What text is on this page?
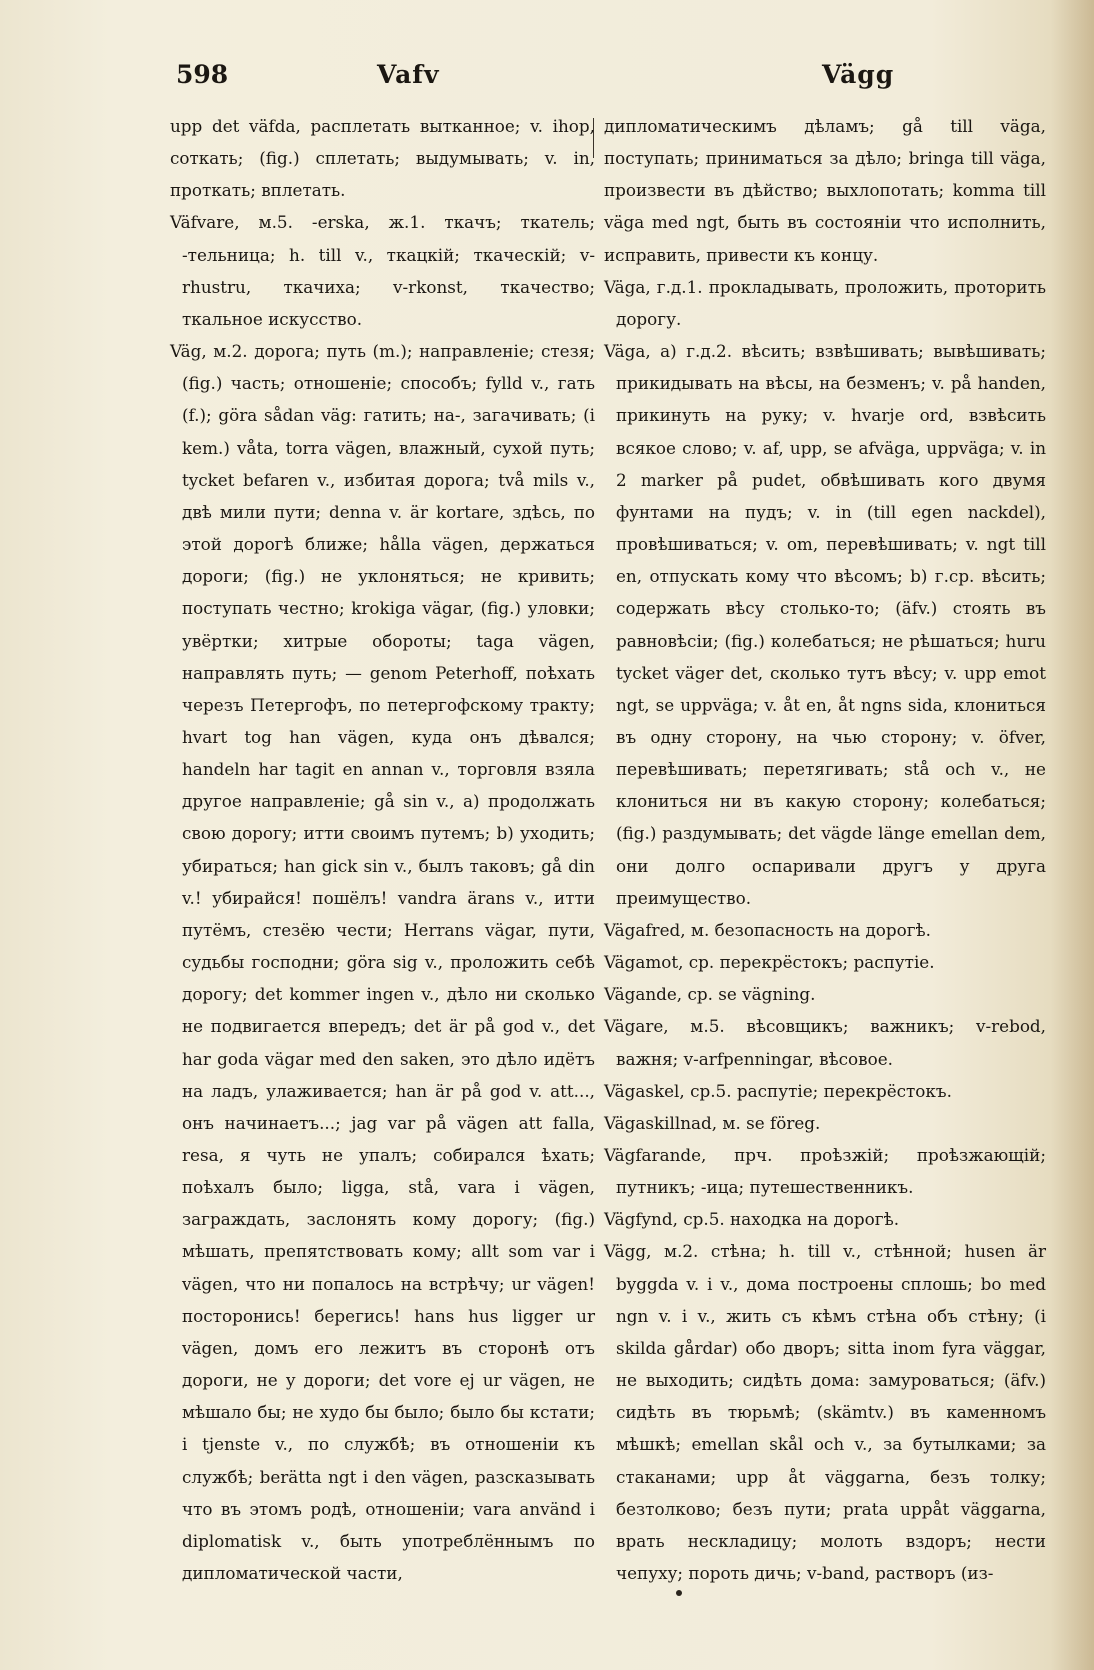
598	Vafv	Vägg

upp det väfda, расплетать вытканное; v. ihop, соткать; (fig.) сплетать; выдумывать; v. in, проткать; вплетать.

Väfvare, м.5. -erska, ж.1. ткачъ; ткатель; -тельница; h. till v., ткацкій; ткаческій; v-rhustru, ткачиха; v-rkonst, ткачество; ткальное искусство.

Väg, м.2. дорога; путь (m.); направленіе; стезя; (fig.) часть; отношеніе; способъ; fylld v., гать (f.); göra sådan väg: гатить; на-, загачивать; (i kem.) våta, torra vägen, влажный, сухой путь; tycket befaren v., избитая дорога; två mils v., двѣ мили пути; denna v. är kortare, здѣсь, по этой дорогѣ ближе; hålla vägen, держаться дороги; (fig.) не уклоняться; не кривить; поступать честно; krokiga vägar, (fig.) уловки; увёртки; хитрые обороты; taga vägen, направлять путь; — genom Peterhoff, поѣхать черезъ Петергофъ, по петергофскому тракту; hvart tog han vägen, куда онъ дѣвался; handeln har tagit en annan v., торговля взяла другое направленіе; gå sin v., a) продолжать свою дорогу; итти своимъ путемъ; b) уходить; убираться; han gick sin v., былъ таковъ; gå din v.! убирайся! пошёлъ! vandra ärans v., итти путёмъ, стезёю чести; Herrans vägar, пути, судьбы господни; göra sig v., проложить себѣ дорогу; det kommer ingen v., дѣло ни сколько не подвигается впередъ; det är på god v., det har goda vägar med den saken, это дѣло идётъ на ладъ, улаживается; han är på god v. att..., онъ начинаетъ...; jag var på vägen att falla, resa, я чуть не упалъ; собирался ѣхать; поѣхалъ было; ligga, stå, vara i vägen, заграждать, заслонять кому дорогу; (fig.) мѣшать, препятствовать кому; allt som var i vägen, что ни попалось на встрѣчу; ur vägen! посторонись! берегись! hans hus ligger ur vägen, домъ его лежитъ въ сторонѣ отъ дороги, не у дороги; det vore ej ur vägen, не мѣшало бы; не худо бы было; было бы кстати; i tjenste v., по службѣ; въ отношеніи къ службѣ; berätta ngt i den vägen, разсказывать что въ этомъ родѣ, отношеніи; vara använd i diplomatisk v., быть употреблённымъ по дипломатической части,

дипломатическимъ дѣламъ; gå till väga, поступать; приниматься за дѣло; bringa till väga, произвести въ дѣйство; выхлопотать; komma till väga med ngt, быть въ состояніи что исполнить, исправить, привести къ концу.

Väga, г.д.1. прокладывать, проложить, проторить дорогу.

Väga, a) г.д.2. вѣсить; взвѣшивать; вывѣшивать; прикидывать на вѣсы, на безменъ; v. på handen, прикинуть на руку; v. hvarje ord, взвѣсить всякое слово; v. af, upp, se afväga, uppväga; v. in 2 marker på pudet, обвѣшивать кого двумя фунтами на пудъ; v. in (till egen nackdel), провѣшиваться; v. om, перевѣшивать; v. ngt till en, отпускать кому что вѣсомъ; b) г.ср. вѣсить; содержать вѣсу столько-то; (äfv.) стоять въ равновѣсіи; (fig.) колебаться; не рѣшаться; huru tycket väger det, сколько тутъ вѣсу; v. upp emot ngt, se uppväga; v. åt en, åt ngns sida, клониться въ одну сторону, на чью сторону; v. öfver, перевѣшивать; перетягивать; stå och v., не клониться ни въ какую сторону; колебаться; (fig.) раздумывать; det vägde länge emellan dem, они долго оспаривали другъ у друга преимущество.

Vägafred, м. безопасность на дорогѣ.

Vägamot, ср. перекрёстокъ; распутіе.

Vägande, ср. se vägning.

Vägare, м.5. вѣсовщикъ; важникъ; v-rebod, важня; v-arfpenningar, вѣсовое.

Vägaskel, ср.5. распутіе; перекрёстокъ.

Vägaskillnad, м. se föreg.

Vägfarande, прч. проѣзжій; проѣзжающій; путникъ; -ица; путешественникъ.

Vägfynd, ср.5. находка на дорогѣ.

Vägg, м.2. стѣна; h. till v., стѣнной; husen är byggda v. i v., дома построены сплошь; bo med ngn v. i v., жить съ кѣмъ стѣна объ стѣну; (i skilda gårdar) обо дворъ; sitta inom fyra väggar, не выходить; сидѣть дома: замуроваться; (äfv.) сидѣть въ тюрьмѣ; (skämtv.) въ каменномъ мѣшкѣ; emellan skål och v., за бутылками; за стаканами; upp åt väggarna, безъ толку; безтолково; безъ пути; prata uppåt väggarna, врать нескладицу; молоть вздоръ; нести чепуху; пороть дичь; v-band, растворъ (из-
